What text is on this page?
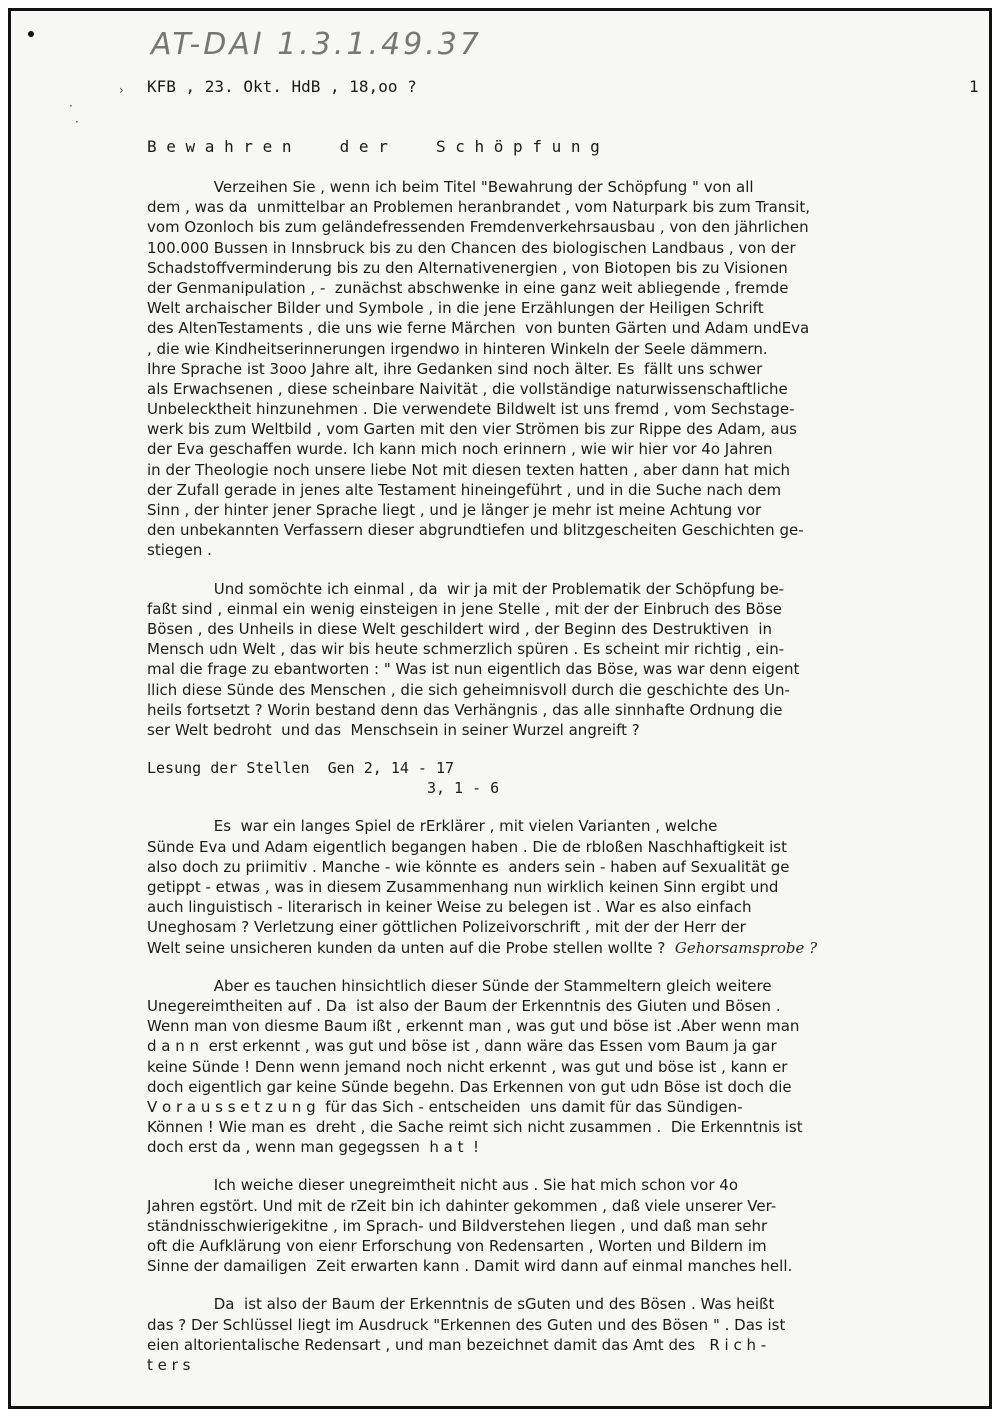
›
·
·
AT-DAI 1.3.1.49.37
KFB , 23. Okt. HdB , 18,oo ?	1
B e w a h r e n     d e r     S c h ö p f u n g
Verzeihen Sie , wenn ich beim Titel "Bewahrung der Schöpfung " von all
dem , was da  unmittelbar an Problemen heranbrandet , vom Naturpark bis zum Transit,
vom Ozonloch bis zum geländefressenden Fremdenverkehrsausbau , von den jährlichen
100.000 Bussen in Innsbruck bis zu den Chancen des biologischen Landbaus , von der
Schadstoffverminderung bis zu den Alternativenergien , von Biotopen bis zu Visionen
der Genmanipulation , -  zunächst abschwenke in eine ganz weit abliegende , fremde
Welt archaischer Bilder und Symbole , in die jene Erzählungen der Heiligen Schrift
des AltenTestaments , die uns wie ferne Märchen  von bunten Gärten und Adam undEva
, die wie Kindheitserinnerungen irgendwo in hinteren Winkeln der Seele dämmern.
Ihre Sprache ist 3ooo Jahre alt, ihre Gedanken sind noch älter. Es  fällt uns schwer
als Erwachsenen , diese scheinbare Naivität , die vollständige naturwissenschaftliche
Unbelecktheit hinzunehmen . Die verwendete Bildwelt ist uns fremd , vom Sechstage-
werk bis zum Weltbild , vom Garten mit den vier Strömen bis zur Rippe des Adam, aus
der Eva geschaffen wurde. Ich kann mich noch erinnern , wie wir hier vor 4o Jahren
in der Theologie noch unsere liebe Not mit diesen texten hatten , aber dann hat mich
der Zufall gerade in jenes alte Testament hineingeführt , und in die Suche nach dem
Sinn , der hinter jener Sprache liegt , und je länger je mehr ist meine Achtung vor
den unbekannten Verfassern dieser abgrundtiefen und blitzgescheiten Geschichten ge-
stiegen .
Und somöchte ich einmal , da  wir ja mit der Problematik der Schöpfung be-
faßt sind , einmal ein wenig einsteigen in jene Stelle , mit der der Einbruch des Böse
Bösen , des Unheils in diese Welt geschildert wird , der Beginn des Destruktiven  in
Mensch udn Welt , das wir bis heute schmerzlich spüren . Es scheint mir richtig , ein-
mal die frage zu ebantworten : " Was ist nun eigentlich das Böse, was war denn eigent
llich diese Sünde des Menschen , die sich geheimnisvoll durch die geschichte des Un-
heils fortsetzt ? Worin bestand denn das Verhängnis , das alle sinnhafte Ordnung die
ser Welt bedroht  und das  Menschsein in seiner Wurzel angreift ?
Lesung der Stellen  Gen 2, 14 - 17
3, 1 - 6
Es  war ein langes Spiel de rErklärer , mit vielen Varianten , welche
Sünde Eva und Adam eigentlich begangen haben . Die de rbloßen Naschhaftigkeit ist
also doch zu priimitiv . Manche - wie könnte es  anders sein - haben auf Sexualität ge
getippt - etwas , was in diesem Zusammenhang nun wirklich keinen Sinn ergibt und
auch linguistisch - literarisch in keiner Weise zu belegen ist . War es also einfach
Uneghosam ? Verletzung einer göttlichen Polizeivorschrift , mit der der Herr der
Welt seine unsicheren kunden da unten auf die Probe stellen wollte ?  Gehorsamsprobe ?
Aber es tauchen hinsichtlich dieser Sünde der Stammeltern gleich weitere
Unegereimtheiten auf . Da  ist also der Baum der Erkenntnis des Giuten und Bösen .
Wenn man von diesme Baum ißt , erkennt man , was gut und böse ist .Aber wenn man
d a n n  erst erkennt , was gut und böse ist , dann wäre das Essen vom Baum ja gar
keine Sünde ! Denn wenn jemand noch nicht erkennt , was gut und böse ist , kann er
doch eigentlich gar keine Sünde begehn. Das Erkennen von gut udn Böse ist doch die
V o r a u s s e t z u n g  für das Sich - entscheiden  uns damit für das Sündigen-
Können ! Wie man es  dreht , die Sache reimt sich nicht zusammen .  Die Erkenntnis ist
doch erst da , wenn man gegegssen  h a t  !
Ich weiche dieser unegreimtheit nicht aus . Sie hat mich schon vor 4o
Jahren egstört. Und mit de rZeit bin ich dahinter gekommen , daß viele unserer Ver-
ständnisschwierigekitne , im Sprach- und Bildverstehen liegen , und daß man sehr
oft die Aufklärung von eienr Erforschung von Redensarten , Worten und Bildern im
Sinne der damailigen  Zeit erwarten kann . Damit wird dann auf einmal manches hell.
Da  ist also der Baum der Erkenntnis de sGuten und des Bösen . Was heißt
das ? Der Schlüssel liegt im Ausdruck "Erkennen des Guten und des Bösen " . Das ist
eien altorientalische Redensart , und man bezeichnet damit das Amt des   R i c h -
t e r s
